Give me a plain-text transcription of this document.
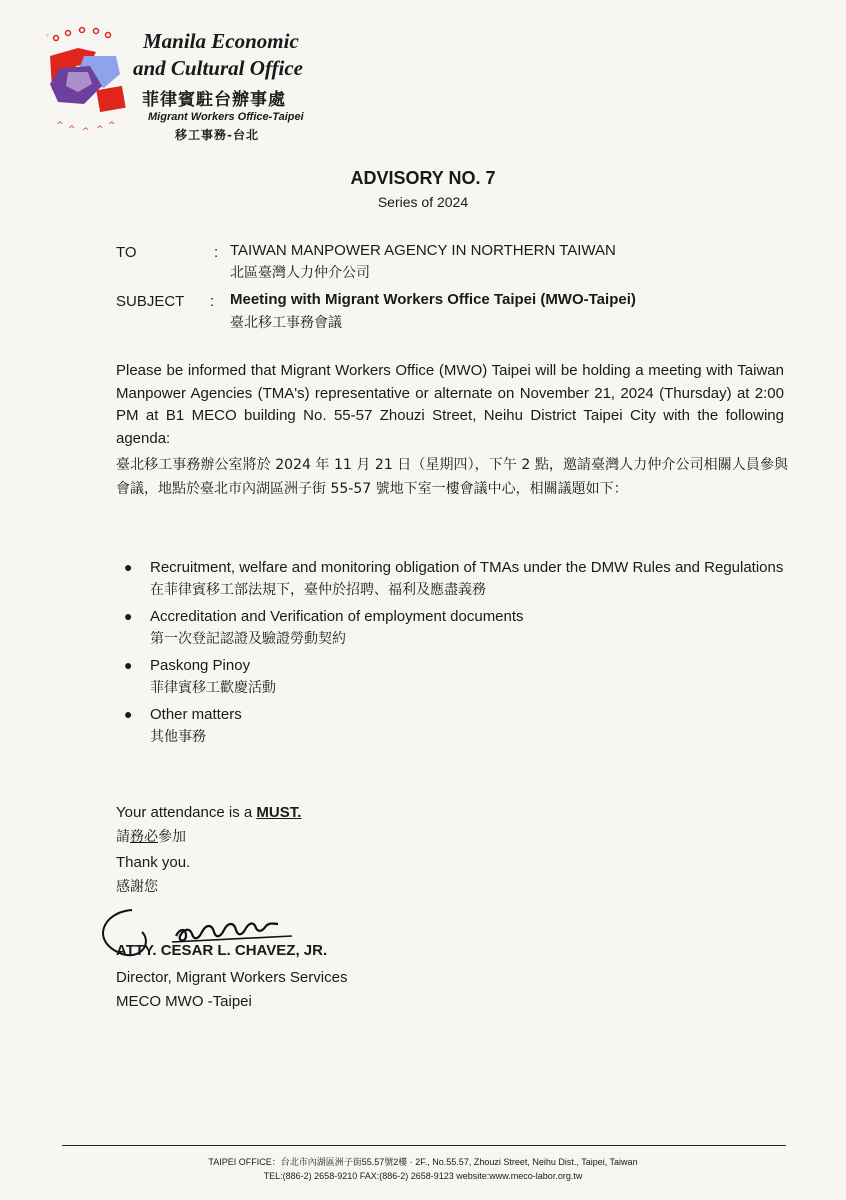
ﾟ
^ ^ ^ ^ ^
Manila Economic
and Cultural Office
菲律賓駐台辦事處
Migrant Workers Office-Taipei
移工事務-台北
ADVISORY NO. 7
Series of 2024
TO	: TAIWAN MANPOWER AGENCY IN NORTHERN TAIWAN
北區臺灣人力仲介公司
SUBJECT : Meeting with Migrant Workers Office Taipei (MWO-Taipei)
臺北移工事務會議
Please be informed that Migrant Workers Office (MWO) Taipei will be holding a meeting with Taiwan Manpower Agencies (TMA's) representative or alternate on November 21, 2024 (Thursday) at 2:00 PM at B1 MECO building No. 55-57 Zhouzi Street, Neihu District Taipei City with the following agenda:
臺北移工事務辦公室將於 2024 年 11 月 21 日（星期四），下午 2 點，邀請臺灣人力仲介公司相關人員參與會議，地點於臺北市內湖區洲子街 55-57 號地下室一樓會議中心，相關議題如下：
● Recruitment, welfare and monitoring obligation of TMAs under the DMW Rules and Regulations
在菲律賓移工部法規下，臺仲於招聘、福利及應盡義務
● Accreditation and Verification of employment documents
第一次登記認證及驗證勞動契約
● Paskong Pinoy
菲律賓移工歡慶活動
● Other matters
其他事務
Your attendance is a MUST.
請務必參加
Thank you.
感謝您
ATTY. CESAR L. CHAVEZ, JR.
Director, Migrant Workers Services
MECO MWO -Taipei
TAIPEI OFFICE：台北市內湖區洲子街55.57號2樓 · 2F., No.55.57, Zhouzi Street, Neihu Dist., Taipei, Taiwan
TEL:(886-2) 2658-9210 FAX:(886-2) 2658-9123 website:www.meco-labor.org.tw
